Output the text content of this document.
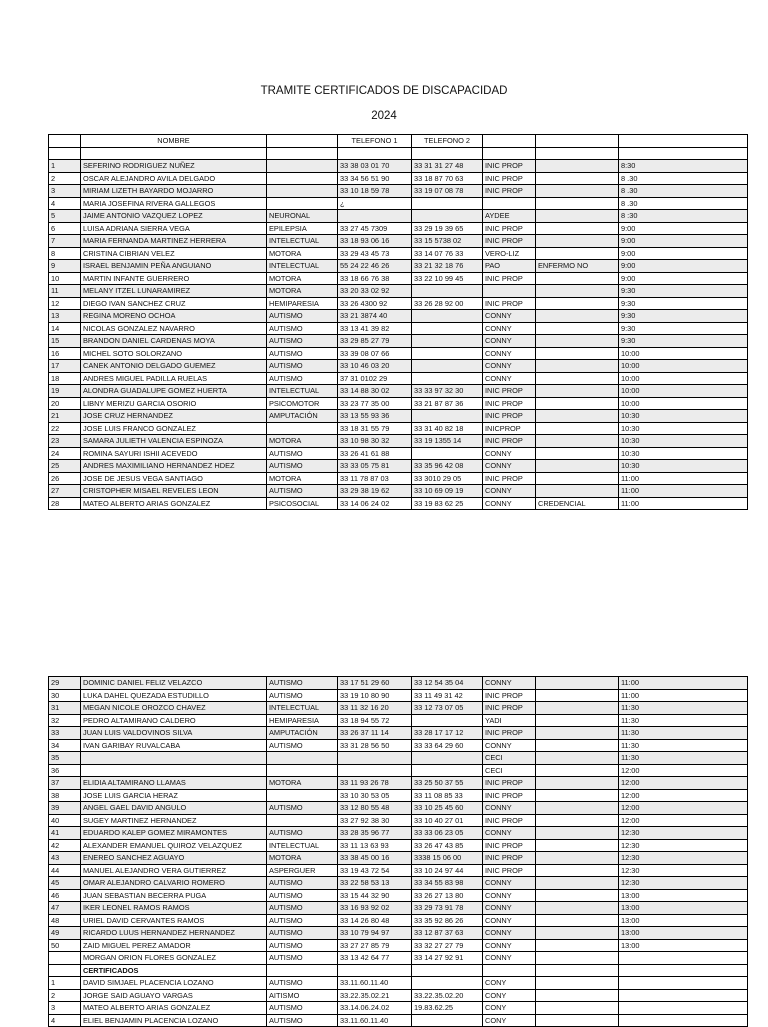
TRAMITE CERTIFICADOS DE DISCAPACIDAD
2024
	NOMBRE		TELEFONO 1	TELEFONO 2			

1	SEFERINO RODRIGUEZ NUÑEZ		33 38 03 01 70	33 31 31 27 48	INIC PROP		8:30
2	OSCAR ALEJANDRO AVILA DELGADO		33 34 56 51 90	33 18 87 70 63	INIC PROP		8 .30
3	MIRIAM LIZETH BAYARDO MOJARRO		33 10 18 59 78	33 19 07 08 78	INIC PROP		8 .30
4	MARIA JOSEFINA RIVERA GALLEGOS		¿				8 .30
5	JAIME ANTONIO VAZQUEZ LOPEZ	NEURONAL			AYDEE		8 :30
6	LUISA ADRIANA SIERRA VEGA	EPILEPSIA	33 27 45 7309	33 29 19 39 65	INIC PROP		9:00
7	MARIA FERNANDA MARTINEZ HERRERA	INTELECTUAL	33 18 93 06 16	33 15 5738 02	INIC PROP		9:00
8	CRISTINA CIBRIAN VELEZ	MOTORA	33 29 43 45 73	33 14 07 76 33	VERO-LIZ		9:00
9	ISRAEL BENJAMIN PEÑA ANGUIANO	INTELECTUAL	55 24 22 46 26	33 21 32 18 76	PAO	ENFERMO NO	9:00
10	MARTIN INFANTE GUERRERO	MOTORA	33 18 66 76 38	33 22 10 99 45	INIC PROP		9:00
11	MELANY ITZEL LUNARAMIREZ	MOTORA	33 20 33 02 92				9:30
12	DIEGO IVAN SANCHEZ CRUZ	HEMIPARESIA	33 26 4300 92	33 26 28 92 00	INIC PROP		9:30
13	REGINA MORENO OCHOA	AUTISMO	33 21 3874 40		CONNY		9:30
14	NICOLAS GONZALEZ NAVARRO	AUTISMO	33 13 41 39 82		CONNY		9:30
15	BRANDON DANIEL CARDENAS MOYA	AUTISMO	33 29 85 27 79		CONNY		9:30
16	MICHEL SOTO SOLORZANO	AUTISMO	33 39 08 07 66		CONNY		10:00
17	CANEK ANTONIO DELGADO GUEMEZ	AUTISMO	33 10 46 03 20		CONNY		10:00
18	ANDRES MIGUEL PADILLA RUELAS	AUTISMO	37 31 0102 29		CONNY		10:00
19	ALONDRA GUADALUPE GOMEZ HUERTA	INTELECTUAL	33 14 88 30 02	33 33 97 32 30	INIC PROP		10:00
20	LIBNY MERIZU GARCIA OSORIO	PSICOMOTOR	33 23 77 35 00	33 21 87 87 36	INIC PROP		10:00
21	JOSE CRUZ HERNANDEZ	AMPUTACIÓN	33 13 55 93 36		INIC PROP		10:30
22	JOSE LUIS FRANCO GONZALEZ		33 18 31 55 79	33 31 40 82 18	INICPROP		10:30
23	SAMARA JULIETH VALENCIA ESPINOZA	MOTORA	33 10 98 30 32	33 19 1355 14	INIC PROP		10:30
24	ROMINA SAYURI ISHII ACEVEDO	AUTISMO	33 26 41 61 88		CONNY		10:30
25	ANDRES MAXIMILIANO HERNANDEZ HDEZ	AUTISMO	33 33 05 75 81	33 35 96 42 08	CONNY		10:30
26	JOSE DE JESUS VEGA SANTIAGO	MOTORA	33 11 78 87 03	33 3010 29 05	INIC PROP		11:00
27	CRISTOPHER MISAEL REVELES LEON	AUTISMO	33 29 38 19 62	33 10 69 09 19	CONNY		11:00
28	MATEO ALBERTO ARIAS GONZALEZ	PSICOSOCIAL	33 14 06 24 02	33 19 83 62 25	CONNY	CREDENCIAL	11:00
29	DOMINIC DANIEL FELIZ VELAZCO	AUTISMO	33 17 51 29 60	33 12 54 35 04	CONNY		11:00
30	LUKA DAHEL QUEZADA ESTUDILLO	AUTISMO	33 19 10 80 90	33 11 49 31 42	INIC PROP		11:00
31	MEGAN NICOLE OROZCO CHAVEZ	INTELECTUAL	33 11 32 16 20	33 12 73 07 05	INIC PROP		11:30
32	PEDRO ALTAMIRANO CALDERO	HEMIPARESIA	33 18 94 55 72		YADI		11:30
33	JUAN LUIS VALDOVINOS SILVA	AMPUTACIÓN	33 26 37 11 14	33 28 17 17 12	INIC PROP		11:30
34	IVAN GARIBAY RUVALCABA	AUTISMO	33 31 28 56 50	33 33 64 29 60	CONNY		11:30
35					CECI		11:30
36					CECI		12:00
37	ELIDIA ALTAMIRANO LLAMAS	MOTORA	33 11 93 26 78	33 25 50 37 55	INIC PROP		12:00
38	JOSE LUIS GARCIA HERAZ		33 10 30 53 05	33 11 08 85 33	INIC PROP		12:00
39	ANGEL GAEL DAVID ANGULO	AUTISMO	33 12 80 55 48	33 10 25 45 60	CONNY		12:00
40	SUGEY MARTINEZ HERNANDEZ		33 27 92 38 30	33 10 40 27 01	INIC PROP		12:00
41	EDUARDO KALEP GOMEZ MIRAMONTES	AUTISMO	33 28 35 96 77	33 33 06 23 05	CONNY		12:30
42	ALEXANDER EMANUEL QUIROZ VELAZQUEZ	INTELECTUAL	33 11 13 63 93	33 26 47 43 85	INIC PROP		12:30
43	ENEREO SANCHEZ AGUAYO	MOTORA	33 38 45 00 16	3338 15 06 00	INIC PROP		12:30
44	MANUEL ALEJANDRO VERA GUTIERREZ	ASPERGUER	33 19 43 72 54	33 10 24 97 44	INIC PROP		12:30
45	OMAR ALEJANDRO CALVARIO ROMERO	AUTISMO	33 22 58 53 13	33 34 55 83 98	CONNY		12:30
46	JUAN SEBASTIAN BECERRA PUGA	AUTISMO	33 15 44 32 90	33 26 27 13 80	CONNY		13:00
47	IKER LEONEL RAMOS RAMOS	AUTISMO	33 16 93 92 02	33 29 73 91 78	CONNY		13:00
48	URIEL DAVID CERVANTES RAMOS	AUTISMO	33 14 26 80 48	33 35 92 86 26	CONNY		13:00
49	RICARDO LUUS HERNANDEZ HERNANDEZ	AUTISMO	33 10 79 94 97	33 12 87 37 63	CONNY		13:00
50	ZAID MIGUEL PEREZ AMADOR	AUTISMO	33 27 27 85 79	33 32 27 27 79	CONNY		13:00
	MORGAN ORION FLORES GONZALEZ	AUTISMO	33 13 42 64 77	33 14 27 92 91	CONNY		
	CERTIFICADOS						
1	DAVID SIMJAEL PLACENCIA LOZANO	AUTISMO	33.11.60.11.40		CONY		
2	JORGE SAID AGUAYO VARGAS	AITISMO	33.22.35.02.21	33.22.35.02.20	CONY		
3	MATEO ALBERTO ARIAS GONZALEZ	AUTISMO	33.14.06.24.02	19.83.62.25	CONY		
4	ELIEL BENJAMIN PLACENCIA LOZANO	AUTISMO	33.11.60.11.40		CONY		
